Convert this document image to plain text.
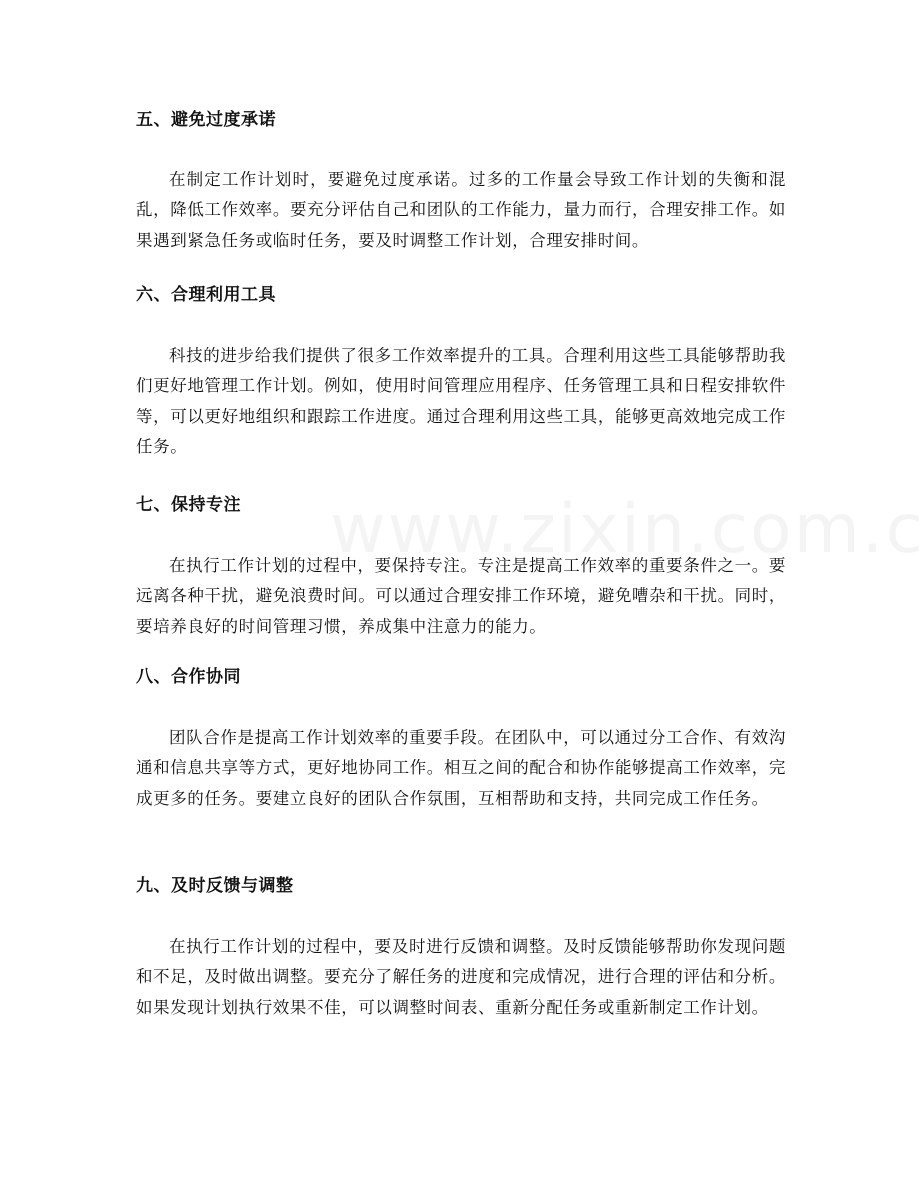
五、避免过度承诺

在制定工作计划时，要避免过度承诺。过多的工作量会导致工作计划的失衡和混乱，降低工作效率。要充分评估自己和团队的工作能力，量力而行，合理安排工作。如果遇到紧急任务或临时任务，要及时调整工作计划，合理安排时间。

六、合理利用工具

科技的进步给我们提供了很多工作效率提升的工具。合理利用这些工具能够帮助我们更好地管理工作计划。例如，使用时间管理应用程序、任务管理工具和日程安排软件等，可以更好地组织和跟踪工作进度。通过合理利用这些工具，能够更高效地完成工作任务。

七、保持专注

在执行工作计划的过程中，要保持专注。专注是提高工作效率的重要条件之一。要远离各种干扰，避免浪费时间。可以通过合理安排工作环境，避免嘈杂和干扰。同时，要培养良好的时间管理习惯，养成集中注意力的能力。

八、合作协同

团队合作是提高工作计划效率的重要手段。在团队中，可以通过分工合作、有效沟通和信息共享等方式，更好地协同工作。相互之间的配合和协作能够提高工作效率，完成更多的任务。要建立良好的团队合作氛围，互相帮助和支持，共同完成工作任务。

九、及时反馈与调整

在执行工作计划的过程中，要及时进行反馈和调整。及时反馈能够帮助你发现问题和不足，及时做出调整。要充分了解任务的进度和完成情况，进行合理的评估和分析。如果发现计划执行效果不佳，可以调整时间表、重新分配任务或重新制定工作计划。
